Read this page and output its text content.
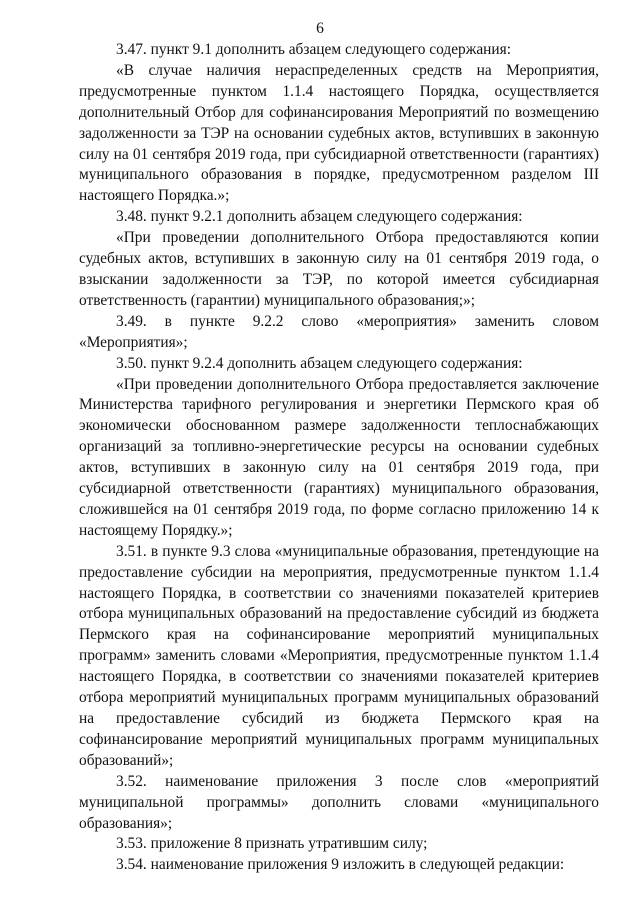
6

3.47. пункт 9.1 дополнить абзацем следующего содержания:

«В случае наличия нераспределенных средств на Мероприятия, предусмотренные пунктом 1.1.4 настоящего Порядка, осуществляется дополнительный Отбор для софинансирования Мероприятий по возмещению задолженности за ТЭР на основании судебных актов, вступивших в законную силу на 01 сентября 2019 года, при субсидиарной ответственности (гарантиях) муниципального образования в порядке, предусмотренном разделом III настоящего Порядка.»;

3.48. пункт 9.2.1 дополнить абзацем следующего содержания:

«При проведении дополнительного Отбора предоставляются копии судебных актов, вступивших в законную силу на 01 сентября 2019 года, о взыскании задолженности за ТЭР, по которой имеется субсидиарная ответственность (гарантии) муниципального образования;»;

3.49. в пункте 9.2.2 слово «мероприятия» заменить словом «Мероприятия»;

3.50. пункт 9.2.4 дополнить абзацем следующего содержания:

«При проведении дополнительного Отбора предоставляется заключение Министерства тарифного регулирования и энергетики Пермского края об экономически обоснованном размере задолженности теплоснабжающих организаций за топливно-энергетические ресурсы на основании судебных актов, вступивших в законную силу на 01 сентября 2019 года, при субсидиарной ответственности (гарантиях) муниципального образования, сложившейся на 01 сентября 2019 года, по форме согласно приложению 14 к настоящему Порядку.»;

3.51. в пункте 9.3 слова «муниципальные образования, претендующие на предоставление субсидии на мероприятия, предусмотренные пунктом 1.1.4 настоящего Порядка, в соответствии со значениями показателей критериев отбора муниципальных образований на предоставление субсидий из бюджета Пермского края на софинансирование мероприятий муниципальных программ» заменить словами «Мероприятия, предусмотренные пунктом 1.1.4 настоящего Порядка, в соответствии со значениями показателей критериев отбора мероприятий муниципальных программ муниципальных образований на предоставление субсидий из бюджета Пермского края на софинансирование мероприятий муниципальных программ муниципальных образований»;

3.52. наименование приложения 3 после слов «мероприятий муниципальной программы» дополнить словами «муниципального образования»;

3.53. приложение 8 признать утратившим силу;

3.54. наименование приложения 9 изложить в следующей редакции:
